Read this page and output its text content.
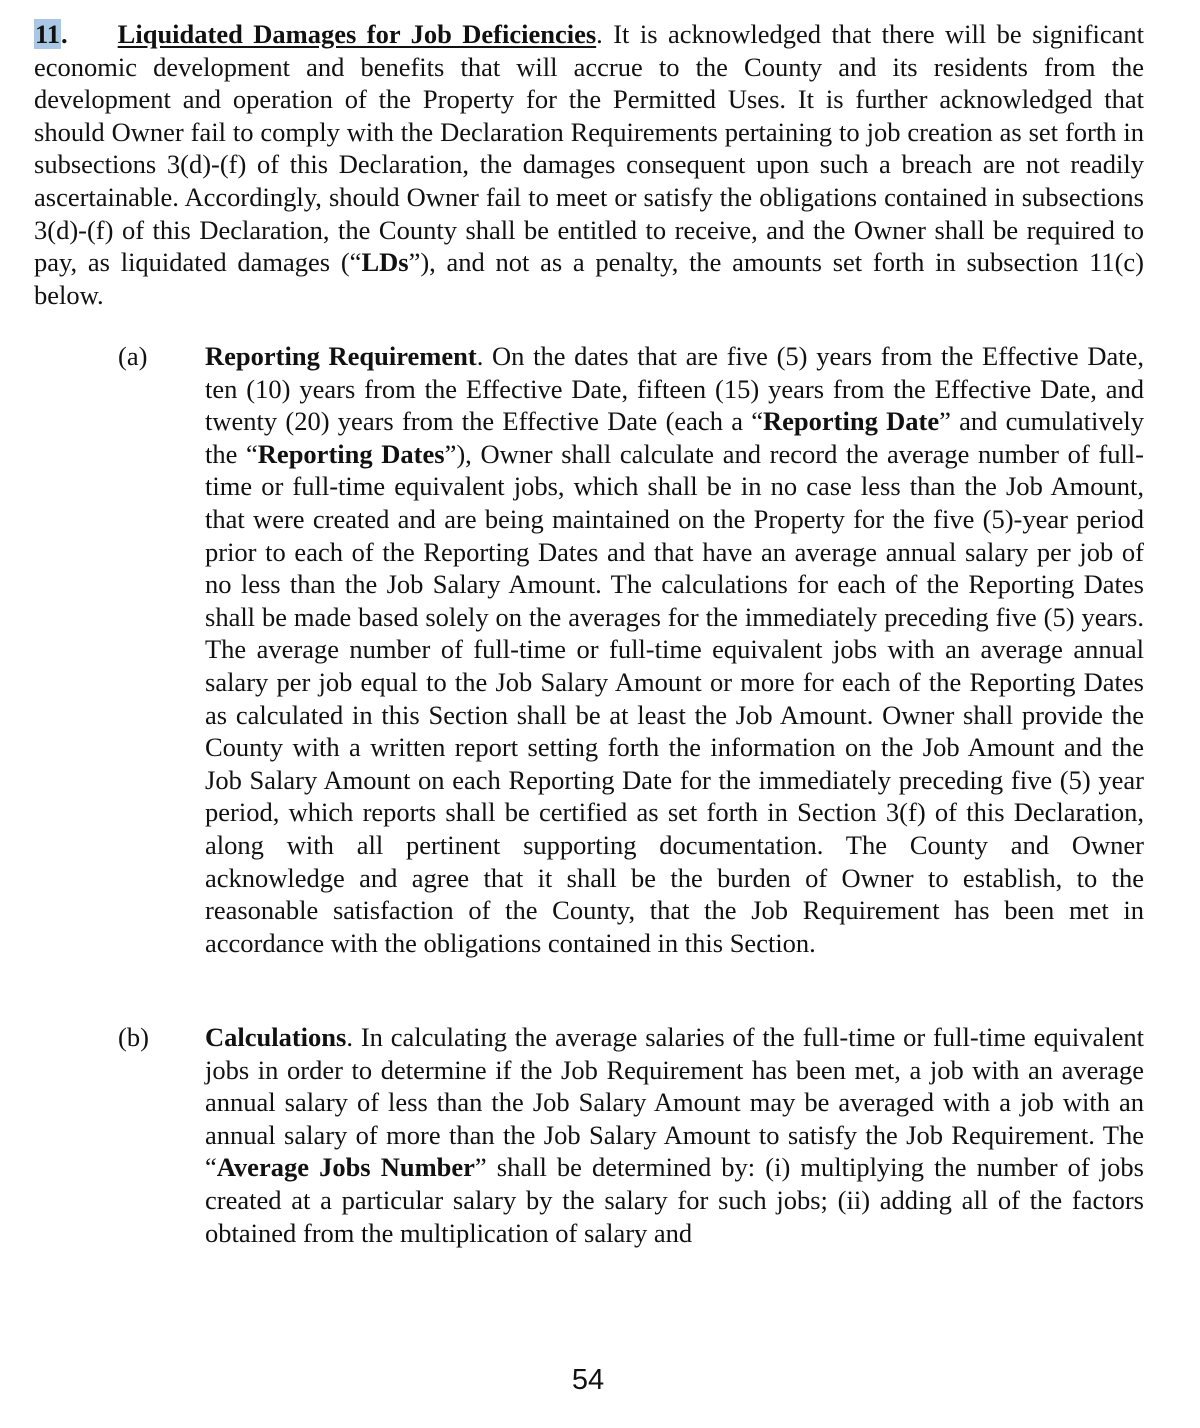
11. Liquidated Damages for Job Deficiencies. It is acknowledged that there will be significant economic development and benefits that will accrue to the County and its residents from the development and operation of the Property for the Permitted Uses. It is further acknowledged that should Owner fail to comply with the Declaration Requirements pertaining to job creation as set forth in subsections 3(d)-(f) of this Declaration, the damages consequent upon such a breach are not readily ascertainable. Accordingly, should Owner fail to meet or satisfy the obligations contained in subsections 3(d)-(f) of this Declaration, the County shall be entitled to receive, and the Owner shall be required to pay, as liquidated damages (“LDs”), and not as a penalty, the amounts set forth in subsection 11(c) below.

(a) Reporting Requirement. On the dates that are five (5) years from the Effective Date, ten (10) years from the Effective Date, fifteen (15) years from the Effective Date, and twenty (20) years from the Effective Date (each a “Reporting Date” and cumulatively the “Reporting Dates”), Owner shall calculate and record the average number of full-time or full-time equivalent jobs, which shall be in no case less than the Job Amount, that were created and are being maintained on the Property for the five (5)-year period prior to each of the Reporting Dates and that have an average annual salary per job of no less than the Job Salary Amount. The calculations for each of the Reporting Dates shall be made based solely on the averages for the immediately preceding five (5) years. The average number of full-time or full-time equivalent jobs with an average annual salary per job equal to the Job Salary Amount or more for each of the Reporting Dates as calculated in this Section shall be at least the Job Amount. Owner shall provide the County with a written report setting forth the information on the Job Amount and the Job Salary Amount on each Reporting Date for the immediately preceding five (5) year period, which reports shall be certified as set forth in Section 3(f) of this Declaration, along with all pertinent supporting documentation. The County and Owner acknowledge and agree that it shall be the burden of Owner to establish, to the reasonable satisfaction of the County, that the Job Requirement has been met in accordance with the obligations contained in this Section.

(b) Calculations. In calculating the average salaries of the full-time or full-time equivalent jobs in order to determine if the Job Requirement has been met, a job with an average annual salary of less than the Job Salary Amount may be averaged with a job with an annual salary of more than the Job Salary Amount to satisfy the Job Requirement. The “Average Jobs Number” shall be determined by: (i) multiplying the number of jobs created at a particular salary by the salary for such jobs; (ii) adding all of the factors obtained from the multiplication of salary and

54
